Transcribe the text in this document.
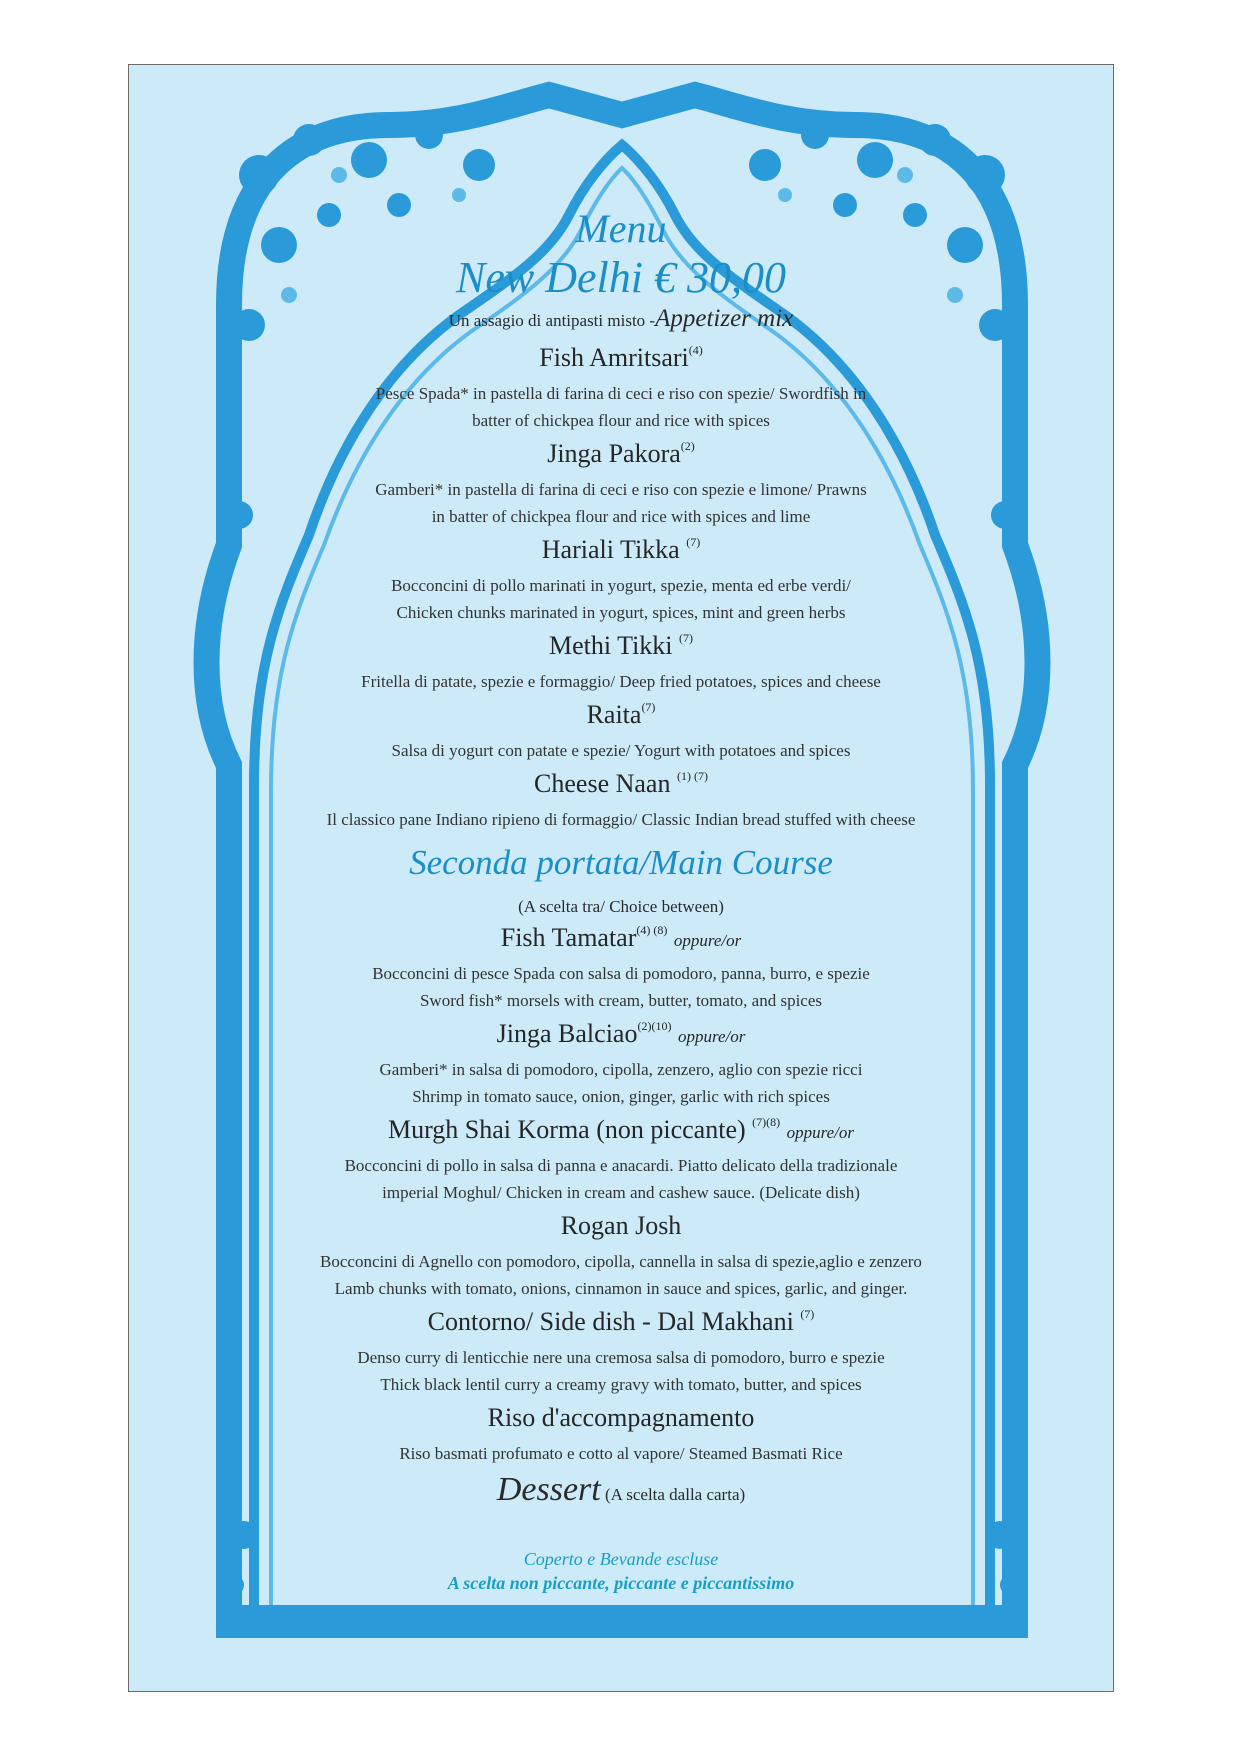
Menu
New Delhi € 30,00
Un assagio di antipasti misto -Appetizer mix
Fish Amritsari$^{(4)}$
Pesce Spada* in pastella di farina di ceci e riso con spezie/ Swordfish in
batter of chickpea flour and rice with spices
Jinga Pakora$^{(2)}$
Gamberi* in pastella di farina di ceci e riso con spezie e limone/ Prawns
in batter of chickpea flour and rice with spices and lime
Hariali Tikka $^{(7)}$
Bocconcini di pollo marinati in yogurt, spezie, menta ed erbe verdi/
Chicken chunks marinated in yogurt, spices, mint and green herbs
Methi Tikki $^{(7)}$
Fritella di patate, spezie e formaggio/ Deep fried potatoes, spices and cheese
Raita$^{(7)}$
Salsa di yogurt con patate e spezie/ Yogurt with potatoes and spices
Cheese Naan $^{(1) (7)}$
Il classico pane Indiano ripieno di formaggio/ Classic Indian bread stuffed with cheese
Seconda portata/Main Course
(A scelta tra/ Choice between)
Fish Tamatar$^{(4) (8)}$ oppure/or
Bocconcini di pesce Spada con salsa di pomodoro, panna, burro, e spezie
Sword fish* morsels with cream, butter, tomato, and spices
Jinga Balciao$^{(2)(10)}$ oppure/or
Gamberi* in salsa di pomodoro, cipolla, zenzero, aglio con spezie ricci
Shrimp in tomato sauce, onion, ginger, garlic with rich spices
Murgh Shai Korma (non piccante) $^{(7)(8)}$ oppure/or
Bocconcini di pollo in salsa di panna e anacardi. Piatto delicato della tradizionale
imperial Moghul/ Chicken in cream and cashew sauce. (Delicate dish)
Rogan Josh
Bocconcini di Agnello con pomodoro, cipolla, cannella in salsa di spezie,aglio e zenzero
Lamb chunks with tomato, onions, cinnamon in sauce and spices, garlic, and ginger.
Contorno/ Side dish - Dal Makhani $^{(7)}$
Denso curry di lenticchie nere una cremosa salsa di pomodoro, burro e spezie
Thick black lentil curry a creamy gravy with tomato, butter, and spices
Riso d'accompagnamento
Riso basmati profumato e cotto al vapore/ Steamed Basmati Rice
Dessert (A scelta dalla carta)
Coperto e Bevande escluse
A scelta non piccante, piccante e piccantissimo
